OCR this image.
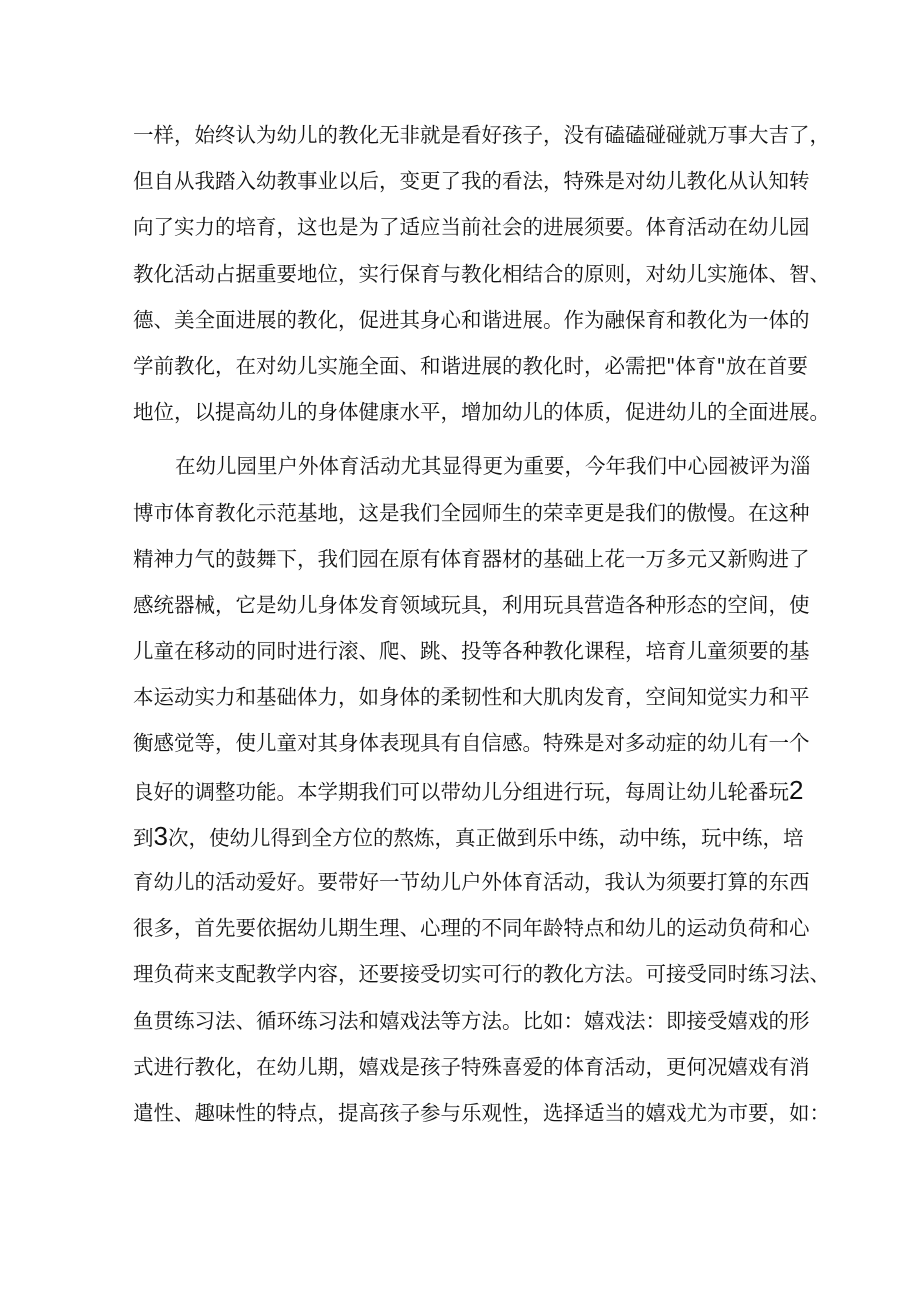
一样，始终认为幼儿的教化无非就是看好孩子，没有磕磕碰碰就万事大吉了，
但自从我踏入幼教事业以后，变更了我的看法，特殊是对幼儿教化从认知转
向了实力的培育，这也是为了适应当前社会的进展须要。体育活动在幼儿园
教化活动占据重要地位，实行保育与教化相结合的原则，对幼儿实施体、智、
德、美全面进展的教化，促进其身心和谐进展。作为融保育和教化为一体的
学前教化，在对幼儿实施全面、和谐进展的教化时，必需把"体育"放在首要
地位，以提高幼儿的身体健康水平，增加幼儿的体质，促进幼儿的全面进展。
在幼儿园里户外体育活动尤其显得更为重要，今年我们中心园被评为淄
博市体育教化示范基地，这是我们全园师生的荣幸更是我们的傲慢。在这种
精神力气的鼓舞下，我们园在原有体育器材的基础上花一万多元又新购进了
感统器械，它是幼儿身体发育领域玩具，利用玩具营造各种形态的空间，使
儿童在移动的同时进行滚、爬、跳、投等各种教化课程，培育儿童须要的基
本运动实力和基础体力，如身体的柔韧性和大肌肉发育，空间知觉实力和平
衡感觉等，使儿童对其身体表现具有自信感。特殊是对多动症的幼儿有一个
良好的调整功能。本学期我们可以带幼儿分组进行玩，每周让幼儿轮番玩2
到3次，使幼儿得到全方位的熬炼，真正做到乐中练，动中练，玩中练，培
育幼儿的活动爱好。要带好一节幼儿户外体育活动，我认为须要打算的东西
很多，首先要依据幼儿期生理、心理的不同年龄特点和幼儿的运动负荷和心
理负荷来支配教学内容，还要接受切实可行的教化方法。可接受同时练习法、
鱼贯练习法、循环练习法和嬉戏法等方法。比如：嬉戏法：即接受嬉戏的形
式进行教化，在幼儿期，嬉戏是孩子特殊喜爱的体育活动，更何况嬉戏有消
遣性、趣味性的特点，提高孩子参与乐观性，选择适当的嬉戏尤为市要，如：
